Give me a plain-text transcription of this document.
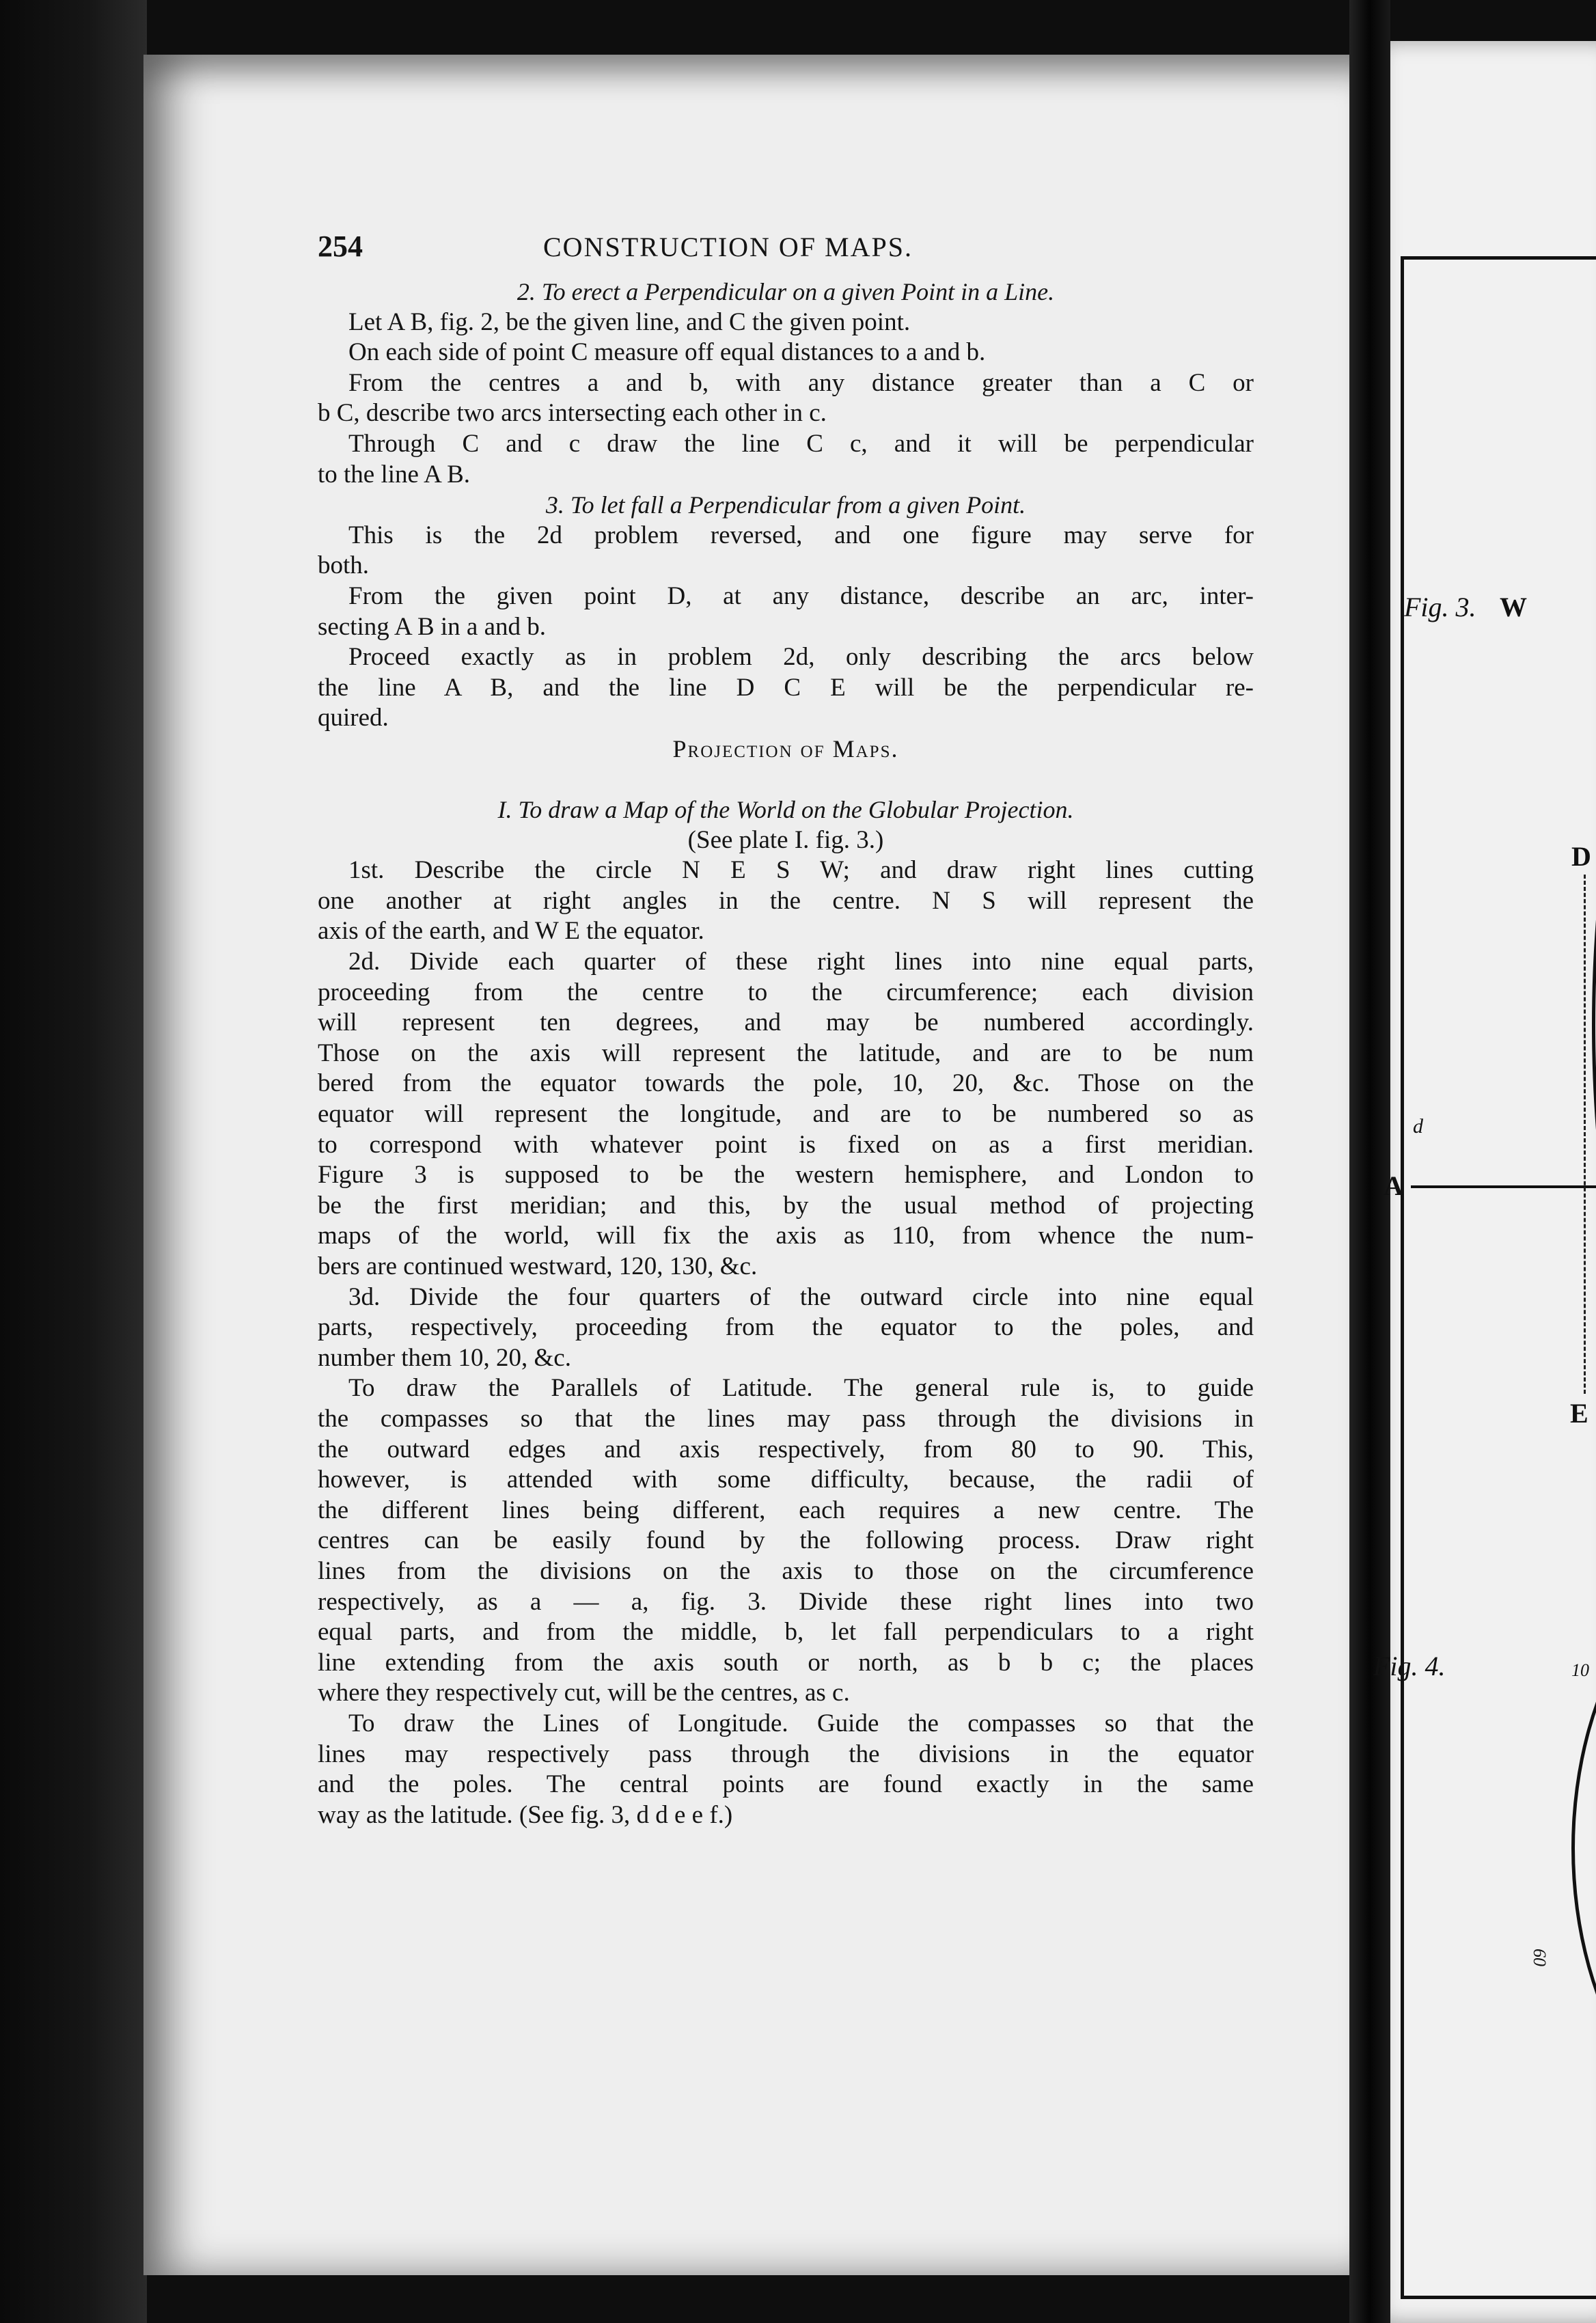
Fig. 3. W
D
A
d
E
Fig. 4.	10
60
254	CONSTRUCTION OF MAPS.
2. To erect a Perpendicular on a given Point in a Line.
Let A B, fig. 2, be the given line, and C the given point.
On each side of point C measure off equal distances to a and b.
From the centres a and b, with any distance greater than a C or
b C, describe two arcs intersecting each other in c.
Through C and c draw the line C c, and it will be perpendicular
to the line A B.
3. To let fall a Perpendicular from a given Point.
This is the 2d problem reversed, and one figure may serve for
both.
From the given point D, at any distance, describe an arc, inter-
secting A B in a and b.
Proceed exactly as in problem 2d, only describing the arcs below
the line A B, and the line D C E will be the perpendicular re-
quired.
Projection of Maps.
I. To draw a Map of the World on the Globular Projection.
(See plate I. fig. 3.)
1st. Describe the circle N E S W; and draw right lines cutting
one another at right angles in the centre. N S will represent the
axis of the earth, and W E the equator.
2d. Divide each quarter of these right lines into nine equal parts,
proceeding from the centre to the circumference; each division
will represent ten degrees, and may be numbered accordingly.
Those on the axis will represent the latitude, and are to be num
bered from the equator towards the pole, 10, 20, &c. Those on the
equator will represent the longitude, and are to be numbered so as
to correspond with whatever point is fixed on as a first meridian.
Figure 3 is supposed to be the western hemisphere, and London to
be the first meridian; and this, by the usual method of projecting
maps of the world, will fix the axis as 110, from whence the num-
bers are continued westward, 120, 130, &c.
3d. Divide the four quarters of the outward circle into nine equal
parts, respectively, proceeding from the equator to the poles, and
number them 10, 20, &c.
To draw the Parallels of Latitude. The general rule is, to guide
the compasses so that the lines may pass through the divisions in
the outward edges and axis respectively, from 80 to 90. This,
however, is attended with some difficulty, because, the radii of
the different lines being different, each requires a new centre. The
centres can be easily found by the following process. Draw right
lines from the divisions on the axis to those on the circumference
respectively, as a — a, fig. 3. Divide these right lines into two
equal parts, and from the middle, b, let fall perpendiculars to a right
line extending from the axis south or north, as b b c; the places
where they respectively cut, will be the centres, as c.
To draw the Lines of Longitude. Guide the compasses so that the
lines may respectively pass through the divisions in the equator
and the poles. The central points are found exactly in the same
way as the latitude. (See fig. 3, d d e e f.)
